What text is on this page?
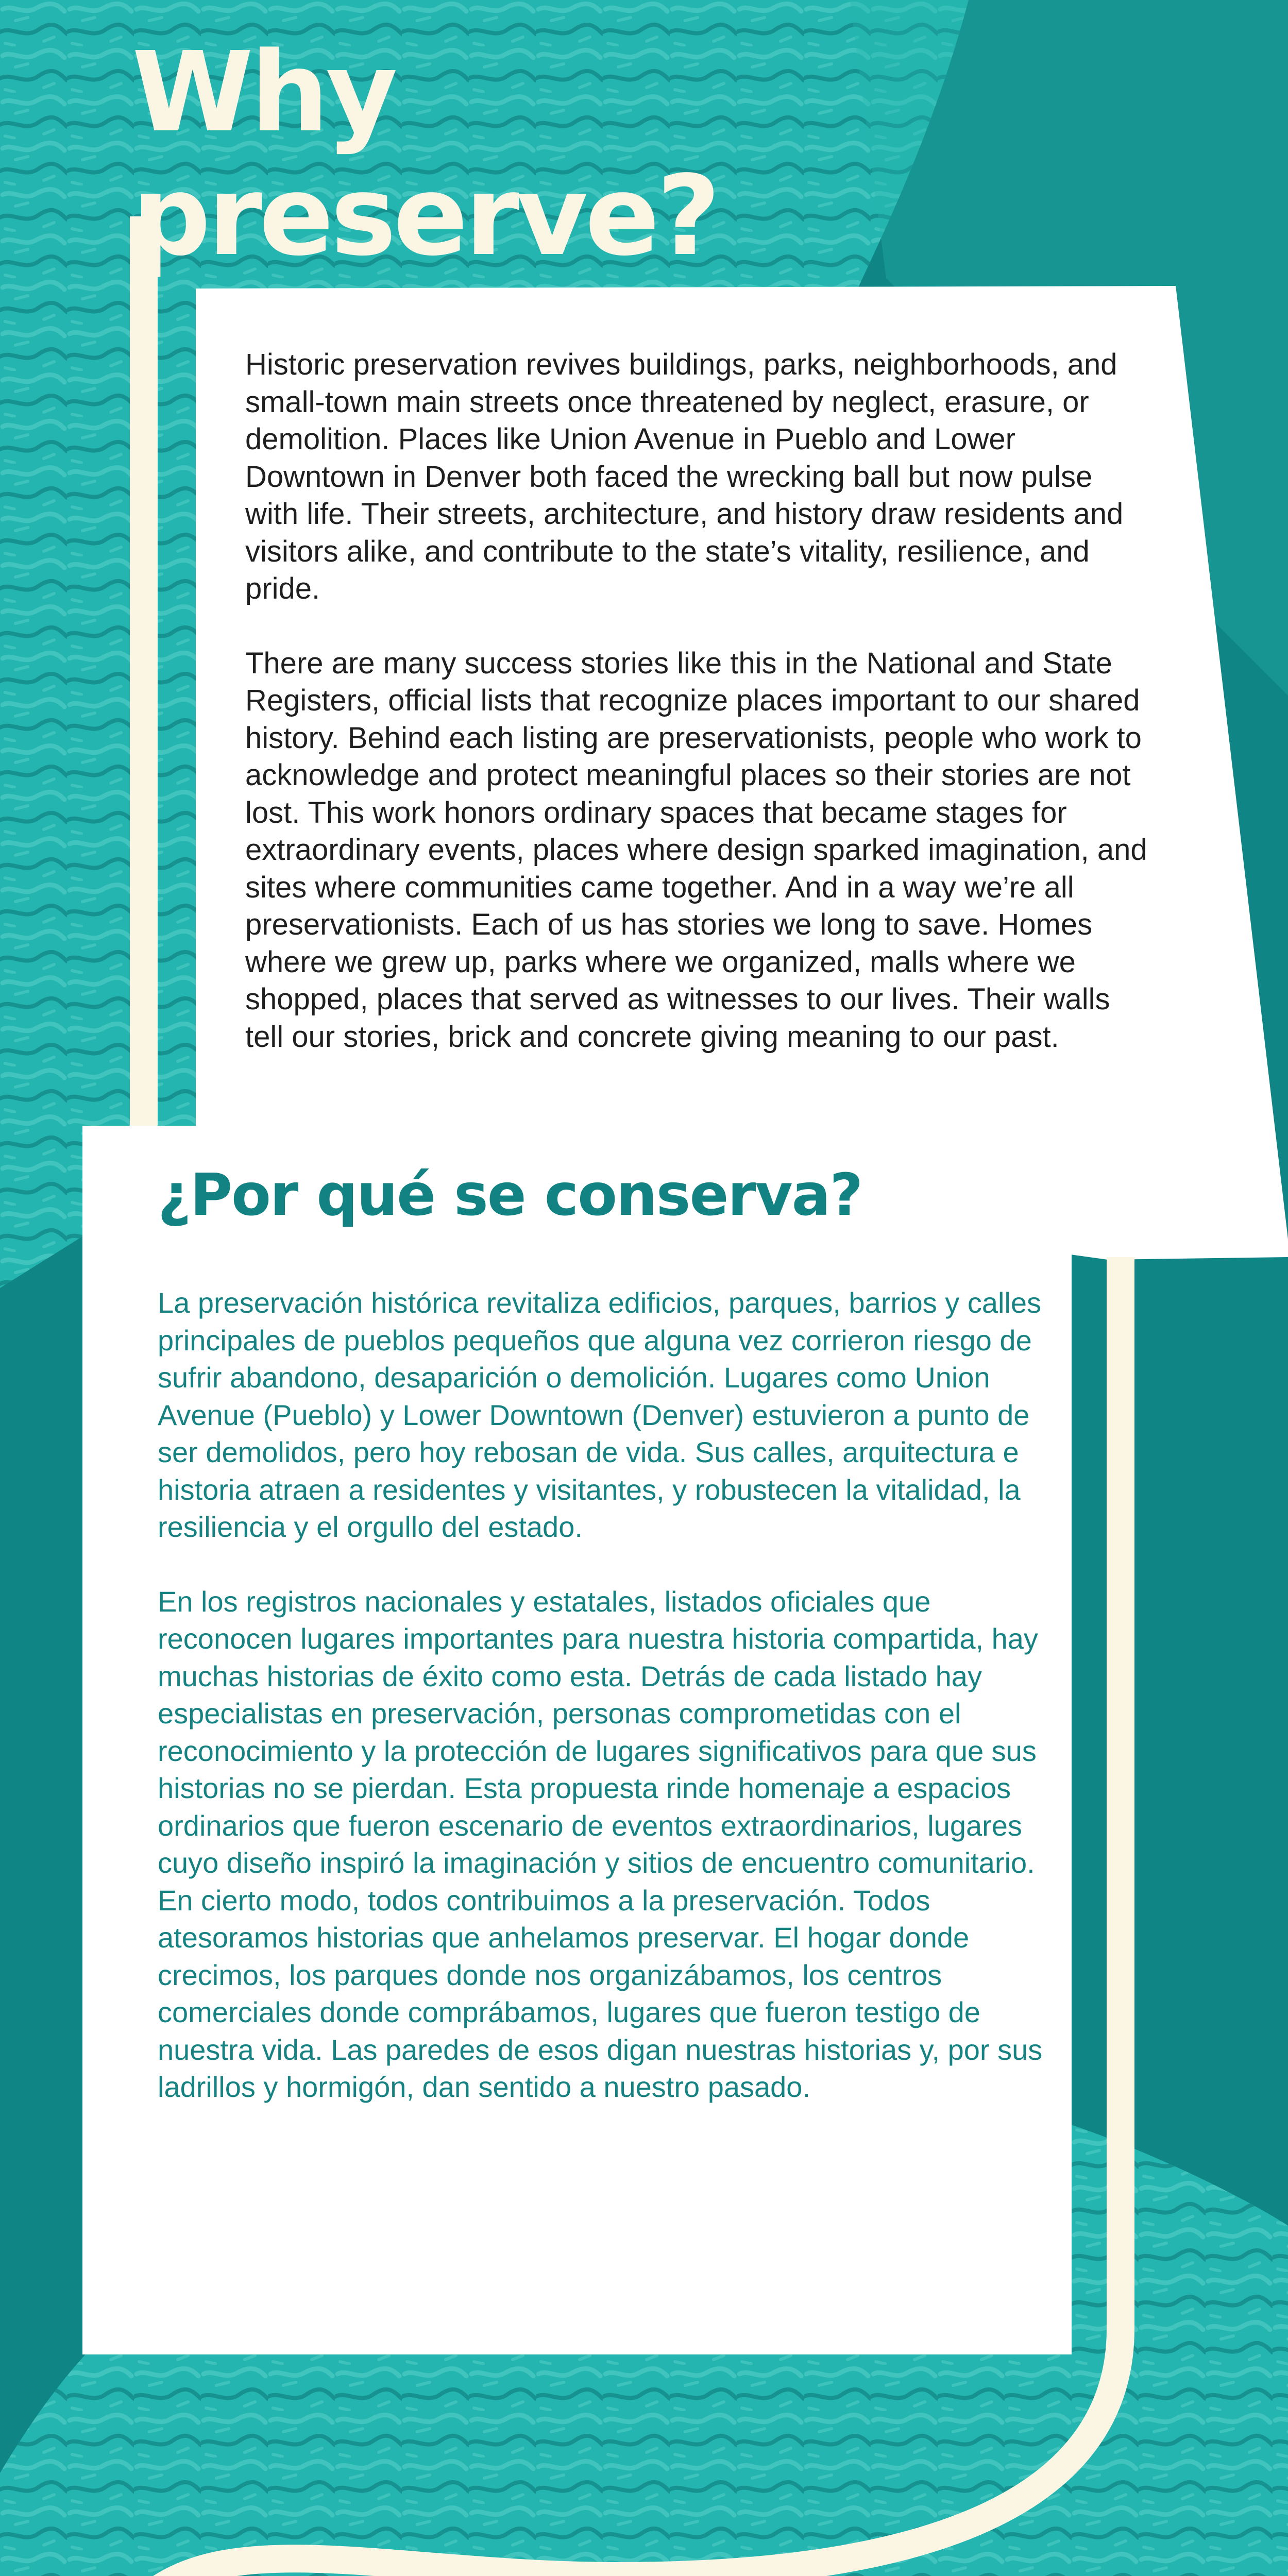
Why
preserve?

Historic preservation revives buildings, parks, neighborhoods, and small-town main streets once threatened by neglect, erasure, or demolition. Places like Union Avenue in Pueblo and Lower Downtown in Denver both faced the wrecking ball but now pulse with life. Their streets, architecture, and history draw residents and visitors alike, and contribute to the state’s vitality, resilience, and pride.

There are many success stories like this in the National and State Registers, official lists that recognize places important to our shared history. Behind each listing are preservationists, people who work to acknowledge and protect meaningful places so their stories are not lost. This work honors ordinary spaces that became stages for extraordinary events, places where design sparked imagination, and sites where communities came together. And in a way we’re all preservationists. Each of us has stories we long to save. Homes where we grew up, parks where we organized, malls where we shopped, places that served as witnesses to our lives. Their walls tell our stories, brick and concrete giving meaning to our past.

¿Por qué se conserva?

La preservación histórica revitaliza edificios, parques, barrios y calles principales de pueblos pequeños que alguna vez corrieron riesgo de sufrir abandono, desaparición o demolición. Lugares como Union Avenue (Pueblo) y Lower Downtown (Denver) estuvieron a punto de ser demolidos, pero hoy rebosan de vida. Sus calles, arquitectura e historia atraen a residentes y visitantes, y robustecen la vitalidad, la resiliencia y el orgullo del estado.

En los registros nacionales y estatales, listados oficiales que reconocen lugares importantes para nuestra historia compartida, hay muchas historias de éxito como esta. Detrás de cada listado hay especialistas en preservación, personas comprometidas con el reconocimiento y la protección de lugares significativos para que sus historias no se pierdan. Esta propuesta rinde homenaje a espacios ordinarios que fueron escenario de eventos extraordinarios, lugares cuyo diseño inspiró la imaginación y sitios de encuentro comunitario. En cierto modo, todos contribuimos a la preservación. Todos atesoramos historias que anhelamos preservar. El hogar donde crecimos, los parques donde nos organizábamos, los centros comerciales donde comprábamos, lugares que fueron testigo de nuestra vida. Las paredes de esos digan nuestras historias y, por sus ladrillos y hormigón, dan sentido a nuestro pasado.
